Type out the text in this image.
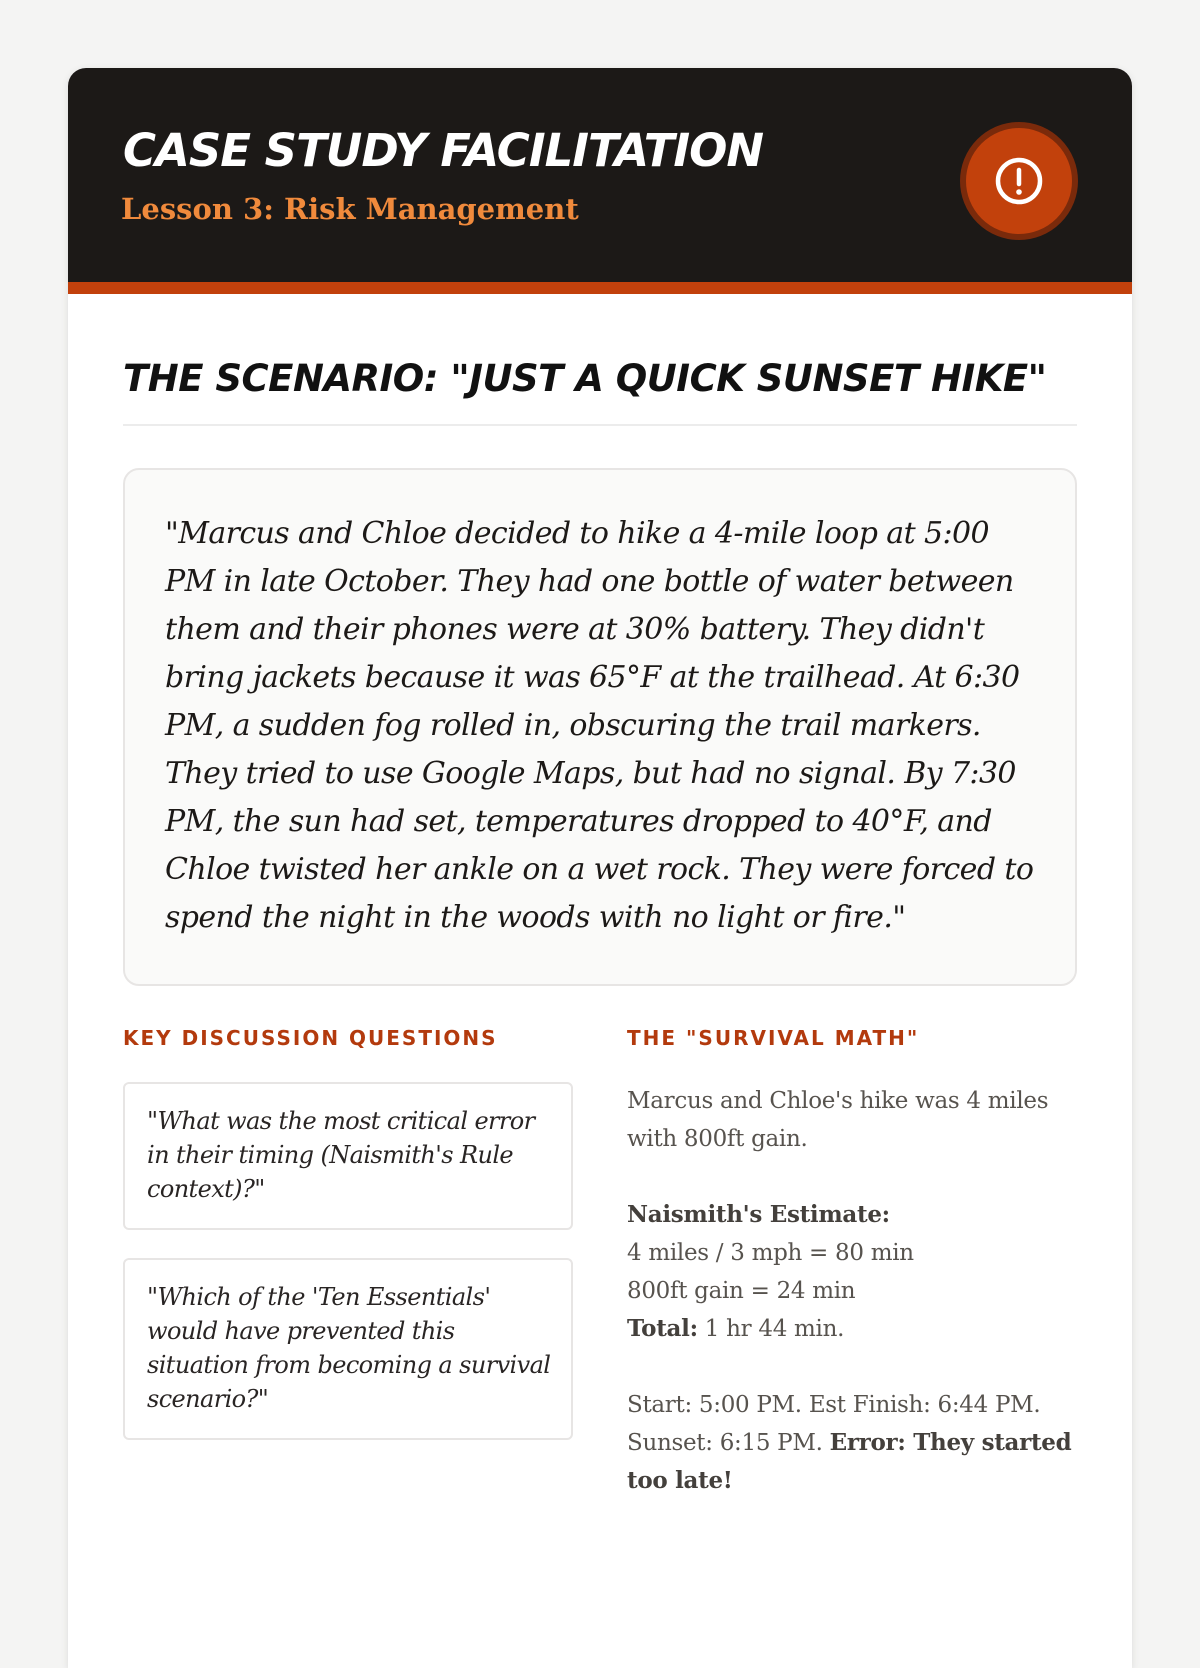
CASE STUDY FACILITATION
Lesson 3: Risk Management
THE SCENARIO: "JUST A QUICK SUNSET HIKE"
"Marcus and Chloe decided to hike a 4-mile loop at 5:00 PM in late October. They had one bottle of water between them and their phones were at 30% battery. They didn't bring jackets because it was 65°F at the trailhead. At 6:30 PM, a sudden fog rolled in, obscuring the trail markers. They tried to use Google Maps, but had no signal. By 7:30 PM, the sun had set, temperatures dropped to 40°F, and Chloe twisted her ankle on a wet rock. They were forced to spend the night in the woods with no light or fire."
KEY DISCUSSION QUESTIONS
"What was the most critical error in their timing (Naismith's Rule context)?"
"Which of the 'Ten Essentials' would have prevented this situation from becoming a survival scenario?"
THE "SURVIVAL MATH"
Marcus and Chloe's hike was 4 miles with 800ft gain.
Naismith's Estimate:
4 miles / 3 mph = 80 min
800ft gain = 24 min
Total: 1 hr 44 min.
Start: 5:00 PM. Est Finish: 6:44 PM. Sunset: 6:15 PM. Error: They started too late!
